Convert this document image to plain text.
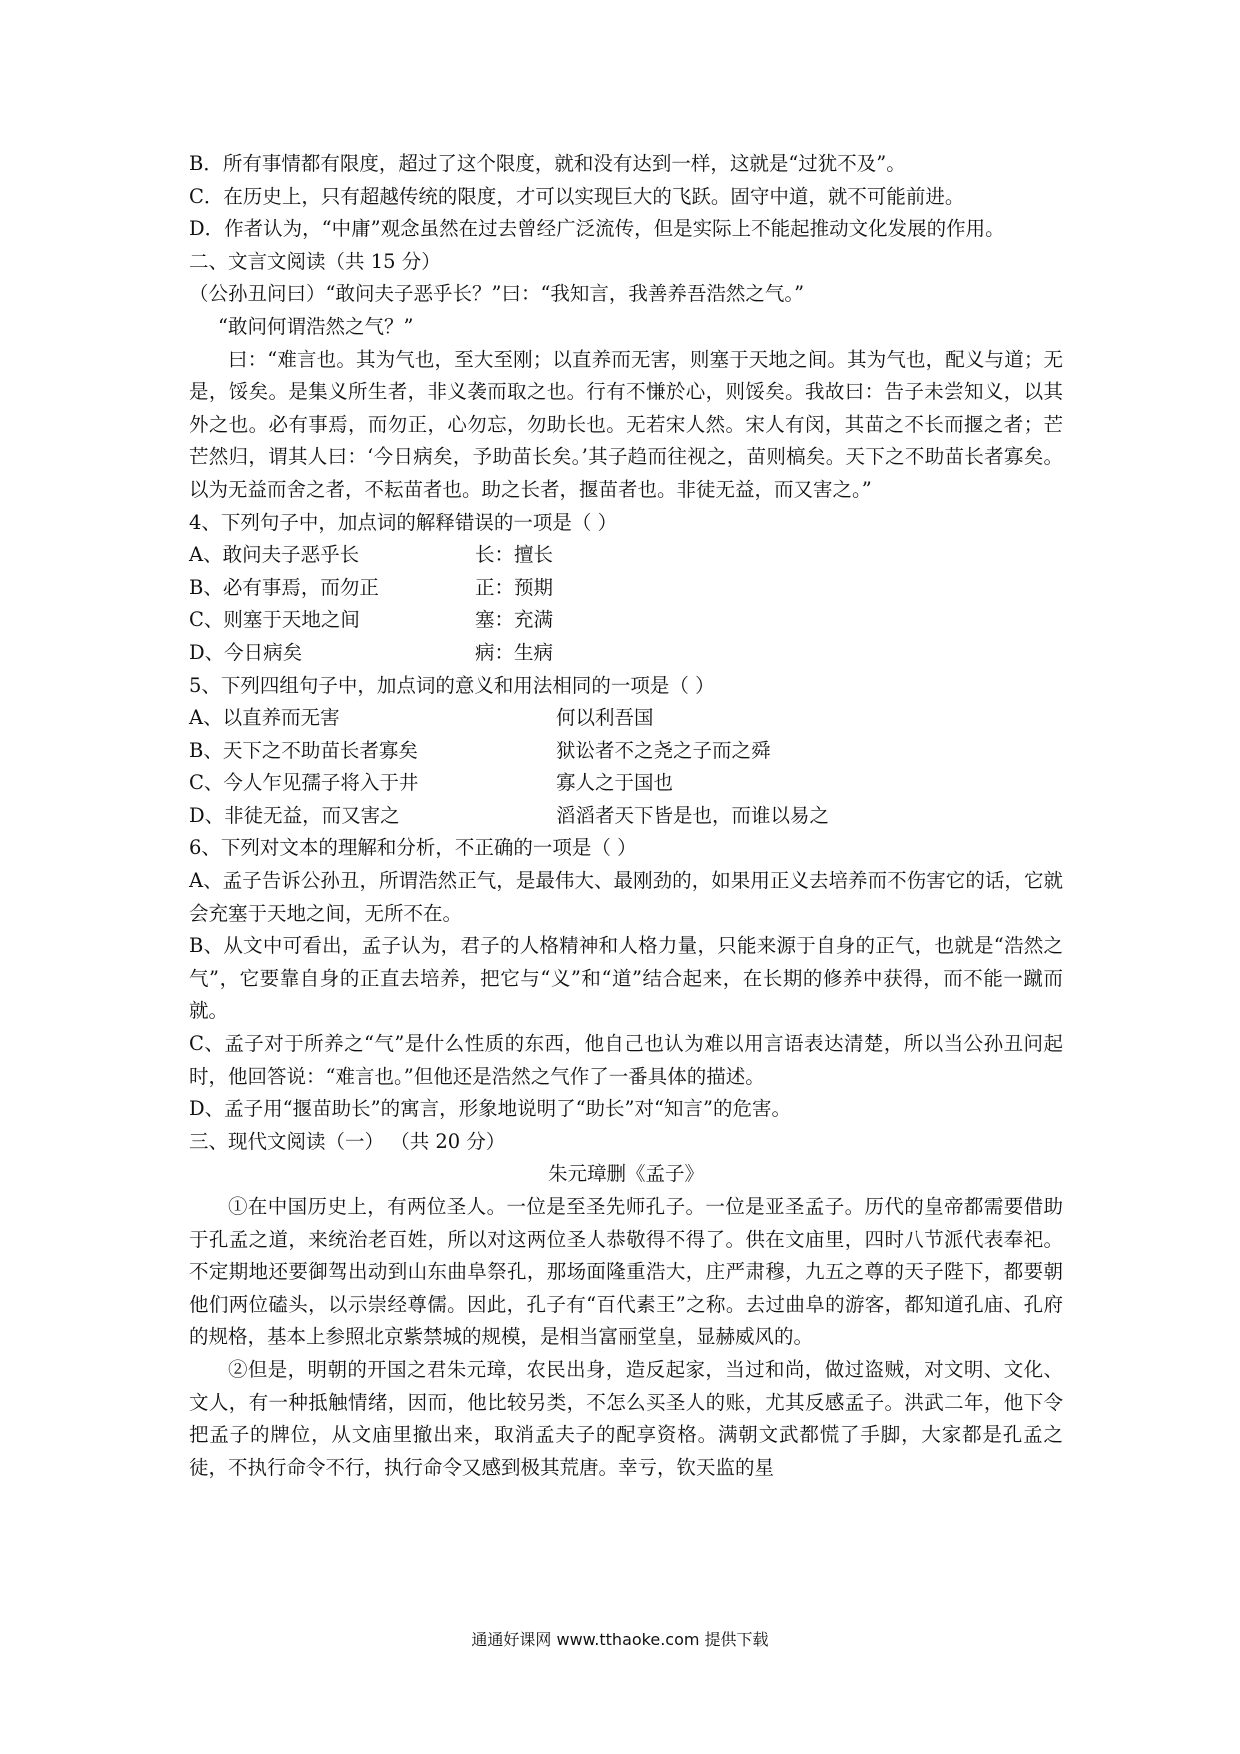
B．所有事情都有限度，超过了这个限度，就和没有达到一样，这就是“过犹不及”。
C．在历史上，只有超越传统的限度，才可以实现巨大的飞跃。固守中道，就不可能前进。
D．作者认为，“中庸”观念虽然在过去曾经广泛流传，但是实际上不能起推动文化发展的作用。
二、文言文阅读（共 15 分）
（公孙丑问曰）“敢问夫子恶乎长？”曰：“我知言，我善养吾浩然之气。”
“敢问何谓浩然之气？”
曰：“难言也。其为气也，至大至刚；以直养而无害，则塞于天地之间。其为气也，配义与道；无是，馁矣。是集义所生者，非义袭而取之也。行有不慊於心，则馁矣。我故曰：告子未尝知义，以其外之也。必有事焉，而勿正，心勿忘，勿助长也。无若宋人然。宋人有闵，其苗之不长而揠之者；芒芒然归，谓其人曰：‘今日病矣，予助苗长矣。’其子趋而往视之，苗则槁矣。天下之不助苗长者寡矣。以为无益而舍之者，不耘苗者也。助之长者，揠苗者也。非徒无益，而又害之。”
4、下列句子中，加点词的解释错误的一项是（ ）
A、敢问夫子恶乎长	长：擅长
B、必有事焉，而勿正	正：预期
C、则塞于天地之间	塞：充满
D、今日病矣	病：生病
5、下列四组句子中，加点词的意义和用法相同的一项是（ ）
A、以直养而无害	何以利吾国
B、天下之不助苗长者寡矣	狱讼者不之尧之子而之舜
C、今人乍见孺子将入于井	寡人之于国也
D、非徒无益，而又害之	滔滔者天下皆是也，而谁以易之
6、下列对文本的理解和分析，不正确的一项是（ ）
A、孟子告诉公孙丑，所谓浩然正气，是最伟大、最刚劲的，如果用正义去培养而不伤害它的话，它就会充塞于天地之间，无所不在。
B、从文中可看出，孟子认为，君子的人格精神和人格力量，只能来源于自身的正气，也就是“浩然之气”，它要靠自身的正直去培养，把它与“义”和“道”结合起来，在长期的修养中获得，而不能一蹴而就。
C、孟子对于所养之“气”是什么性质的东西，他自己也认为难以用言语表达清楚，所以当公孙丑问起时，他回答说：“难言也。”但他还是浩然之气作了一番具体的描述。
D、孟子用“揠苗助长”的寓言，形象地说明了“助长”对“知言”的危害。
三、现代文阅读（一） （共 20 分）
朱元璋删《孟子》
①在中国历史上，有两位圣人。一位是至圣先师孔子。一位是亚圣孟子。历代的皇帝都需要借助于孔孟之道，来统治老百姓，所以对这两位圣人恭敬得不得了。供在文庙里，四时八节派代表奉祀。不定期地还要御驾出动到山东曲阜祭孔，那场面隆重浩大，庄严肃穆，九五之尊的天子陛下，都要朝他们两位磕头，以示崇经尊儒。因此，孔子有“百代素王”之称。去过曲阜的游客，都知道孔庙、孔府的规格，基本上参照北京紫禁城的规模，是相当富丽堂皇，显赫威风的。
②但是，明朝的开国之君朱元璋，农民出身，造反起家，当过和尚，做过盗贼，对文明、文化、文人，有一种抵触情绪，因而，他比较另类，不怎么买圣人的账，尤其反感孟子。洪武二年，他下令把孟子的牌位，从文庙里撤出来，取消孟夫子的配享资格。满朝文武都慌了手脚，大家都是孔孟之徒，不执行命令不行，执行命令又感到极其荒唐。幸亏，钦天监的星
通通好课网 www.tthaoke.com 提供下载
